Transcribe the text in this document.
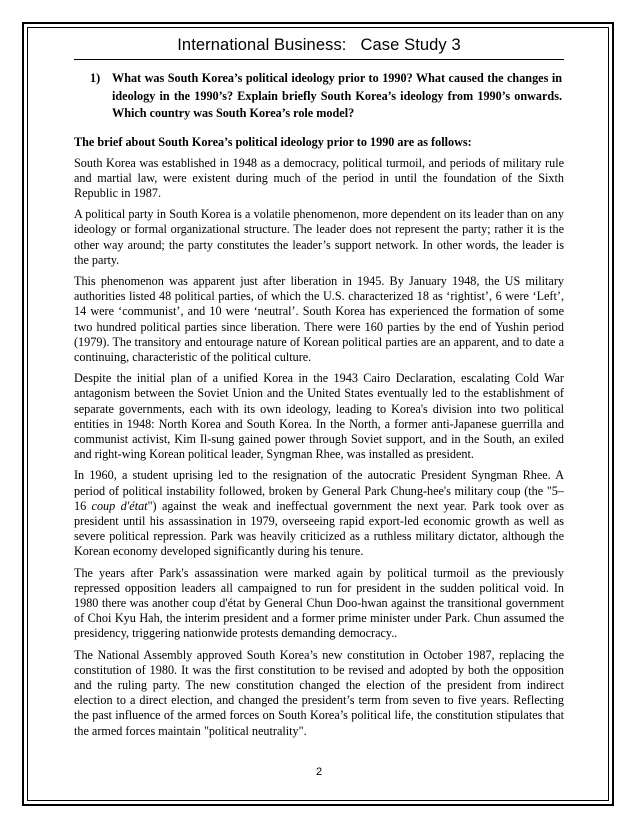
International Business: Case Study 3
1) What was South Korea’s political ideology prior to 1990? What caused the changes in ideology in the 1990’s? Explain briefly South Korea’s ideology from 1990’s onwards. Which country was South Korea’s role model?
The brief about South Korea’s political ideology prior to 1990 are as follows:

South Korea was established in 1948 as a democracy, political turmoil, and periods of military rule and martial law, were existent during much of the period in until the foundation of the Sixth Republic in 1987.

A political party in South Korea is a volatile phenomenon, more dependent on its leader than on any ideology or formal organizational structure. The leader does not represent the party; rather it is the other way around; the party constitutes the leader’s support network. In other words, the leader is the party.

This phenomenon was apparent just after liberation in 1945. By January 1948, the US military authorities listed 48 political parties, of which the U.S. characterized 18 as ‘rightist’, 6 were ‘Left’, 14 were ‘communist’, and 10 were ‘neutral’. South Korea has experienced the formation of some two hundred political parties since liberation. There were 160 parties by the end of Yushin period (1979). The transitory and entourage nature of Korean political parties are an apparent, and to date a continuing, characteristic of the political culture.

Despite the initial plan of a unified Korea in the 1943 Cairo Declaration, escalating Cold War antagonism between the Soviet Union and the United States eventually led to the establishment of separate governments, each with its own ideology, leading to Korea's division into two political entities in 1948: North Korea and South Korea. In the North, a former anti-Japanese guerrilla and communist activist, Kim Il-sung gained power through Soviet support, and in the South, an exiled and right-wing Korean political leader, Syngman Rhee, was installed as president.

In 1960, a student uprising led to the resignation of the autocratic President Syngman Rhee. A period of political instability followed, broken by General Park Chung-hee's military coup (the "5–16 coup d'état") against the weak and ineffectual government the next year. Park took over as president until his assassination in 1979, overseeing rapid export-led economic growth as well as severe political repression. Park was heavily criticized as a ruthless military dictator, although the Korean economy developed significantly during his tenure.

The years after Park's assassination were marked again by political turmoil as the previously repressed opposition leaders all campaigned to run for president in the sudden political void. In 1980 there was another coup d'état by General Chun Doo-hwan against the transitional government of Choi Kyu Hah, the interim president and a former prime minister under Park. Chun assumed the presidency, triggering nationwide protests demanding democracy..

The National Assembly approved South Korea’s new constitution in October 1987, replacing the constitution of 1980. It was the first constitution to be revised and adopted by both the opposition and the ruling party. The new constitution changed the election of the president from indirect election to a direct election, and changed the president’s term from seven to five years. Reflecting the past influence of the armed forces on South Korea’s political life, the constitution stipulates that the armed forces maintain "political neutrality".

2
